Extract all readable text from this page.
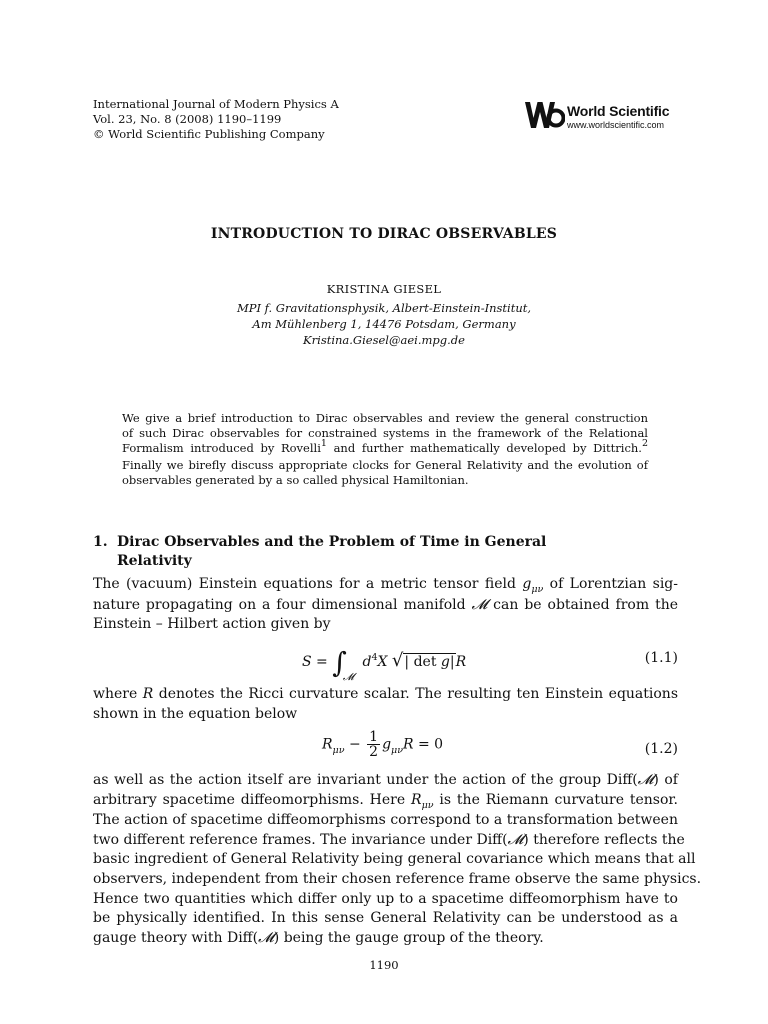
International Journal of Modern Physics A
Vol. 23, No. 8 (2008) 1190–1199
© World Scientific Publishing Company
World Scientific
www.worldscientific.com
INTRODUCTION TO DIRAC OBSERVABLES
KRISTINA GIESEL
MPI f. Gravitationsphysik, Albert-Einstein-Institut,
Am Mühlenberg 1, 14476 Potsdam, Germany
Kristina.Giesel@aei.mpg.de
We give a brief introduction to Dirac observables and review the general construction
of such Dirac observables for constrained systems in the framework of the Relational
Formalism introduced by Rovelli$^1$ and further mathematically developed by Dittrich.$^2$
Finally we birefly discuss appropriate clocks for General Relativity and the evolution of
observables generated by a so called physical Hamiltonian.
1. Dirac Observables and the Problem of Time in General
Relativity
The (vacuum) Einstein equations for a metric tensor field $g_{\mu\nu}$ of Lorentzian sig-
nature propagating on a four dimensional manifold 𝓜 can be obtained from the
Einstein – Hilbert action given by
$S = \int_𝓜$ $d^4X$ √| det g|R	(1.1)
where R denotes the Ricci curvature scalar. The resulting ten Einstein equations
shown in the equation below
$R_{\mu\nu} - \frac{1}{2} g_{\mu\nu}R = 0$	(1.2)
as well as the action itself are invariant under the action of the group Diff(𝓜) of
arbitrary spacetime diffeomorphisms. Here $R_{\mu\nu}$ is the Riemann curvature tensor.
The action of spacetime diffeomorphisms correspond to a transformation between
two different reference frames. The invariance under Diff(𝓜) therefore reflects the
basic ingredient of General Relativity being general covariance which means that all
observers, independent from their chosen reference frame observe the same physics.
Hence two quantities which differ only up to a spacetime diffeomorphism have to
be physically identified. In this sense General Relativity can be understood as a
gauge theory with Diff(𝓜) being the gauge group of the theory.
1190
